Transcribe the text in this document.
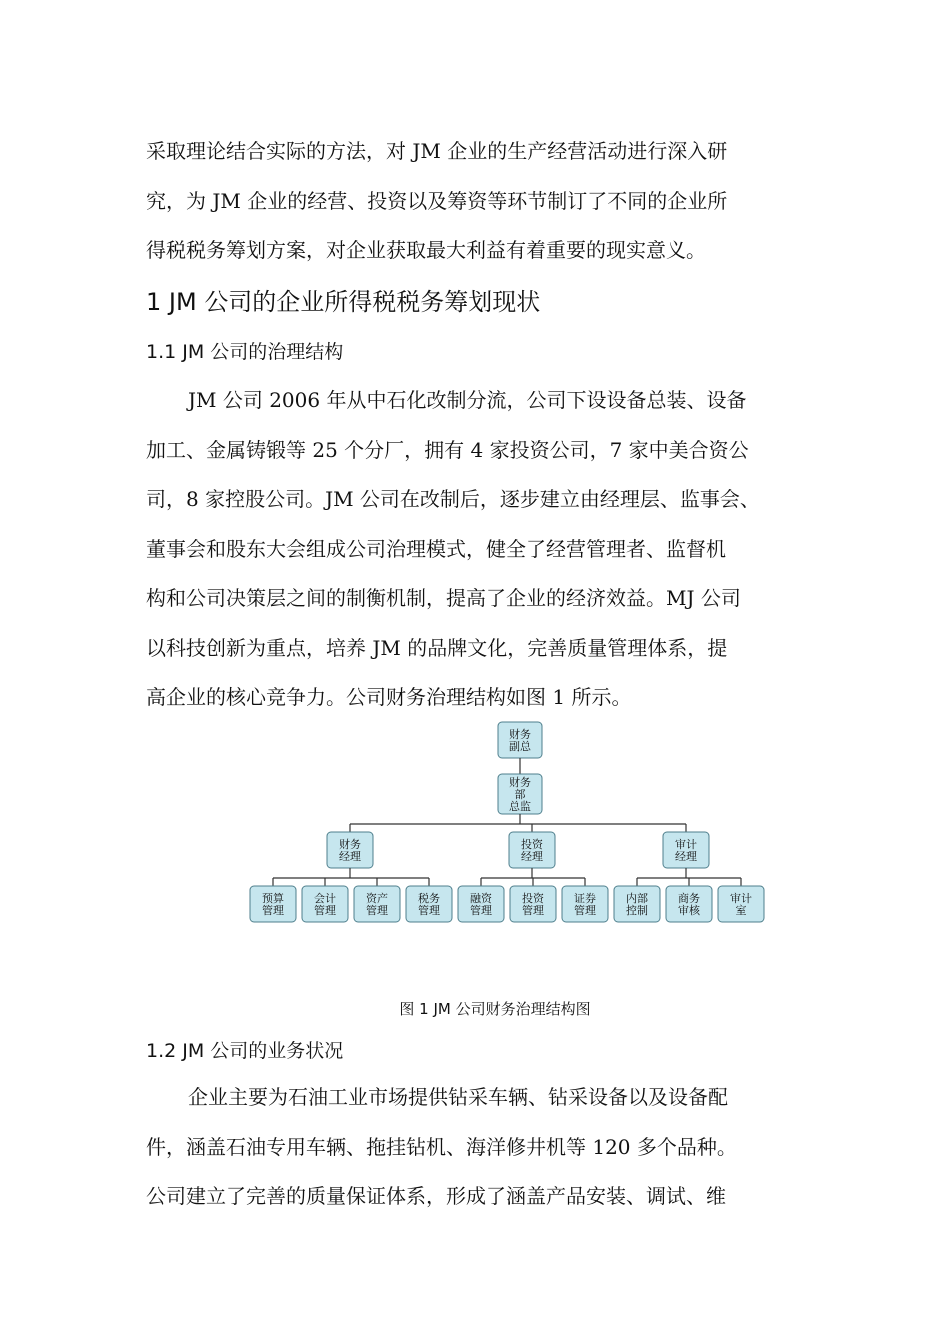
采取理论结合实际的方法，对 JM 企业的生产经营活动进行深入研
究，为 JM 企业的经营、投资以及筹资等环节制订了不同的企业所
得税税务筹划方案，对企业获取最大利益有着重要的现实意义。
1 JM 公司的企业所得税税务筹划现状
1.1 JM 公司的治理结构
JM 公司 2006 年从中石化改制分流，公司下设设备总装、设备
加工、金属铸锻等 25 个分厂，拥有 4 家投资公司，7 家中美合资公
司，8 家控股公司。JM 公司在改制后，逐步建立由经理层、监事会、
董事会和股东大会组成公司治理模式，健全了经营管理者、监督机
构和公司决策层之间的制衡机制，提高了企业的经济效益。MJ 公司
以科技创新为重点，培养 JM 的品牌文化，完善质量管理体系，提
高企业的核心竞争力。公司财务治理结构如图 1 所示。
财务
副总
财务
部
总监
财务
经理
预算
管理
会计
管理
资产
管理
税务
管理
投资
经理
融资
管理
投资
管理
证券
管理
审计
经理
内部
控制
商务
审核
审计
室
图 1 JM 公司财务治理结构图
1.2 JM 公司的业务状况
企业主要为石油工业市场提供钻采车辆、钻采设备以及设备配
件，涵盖石油专用车辆、拖挂钻机、海洋修井机等 120 多个品种。
公司建立了完善的质量保证体系，形成了涵盖产品安装、调试、维
